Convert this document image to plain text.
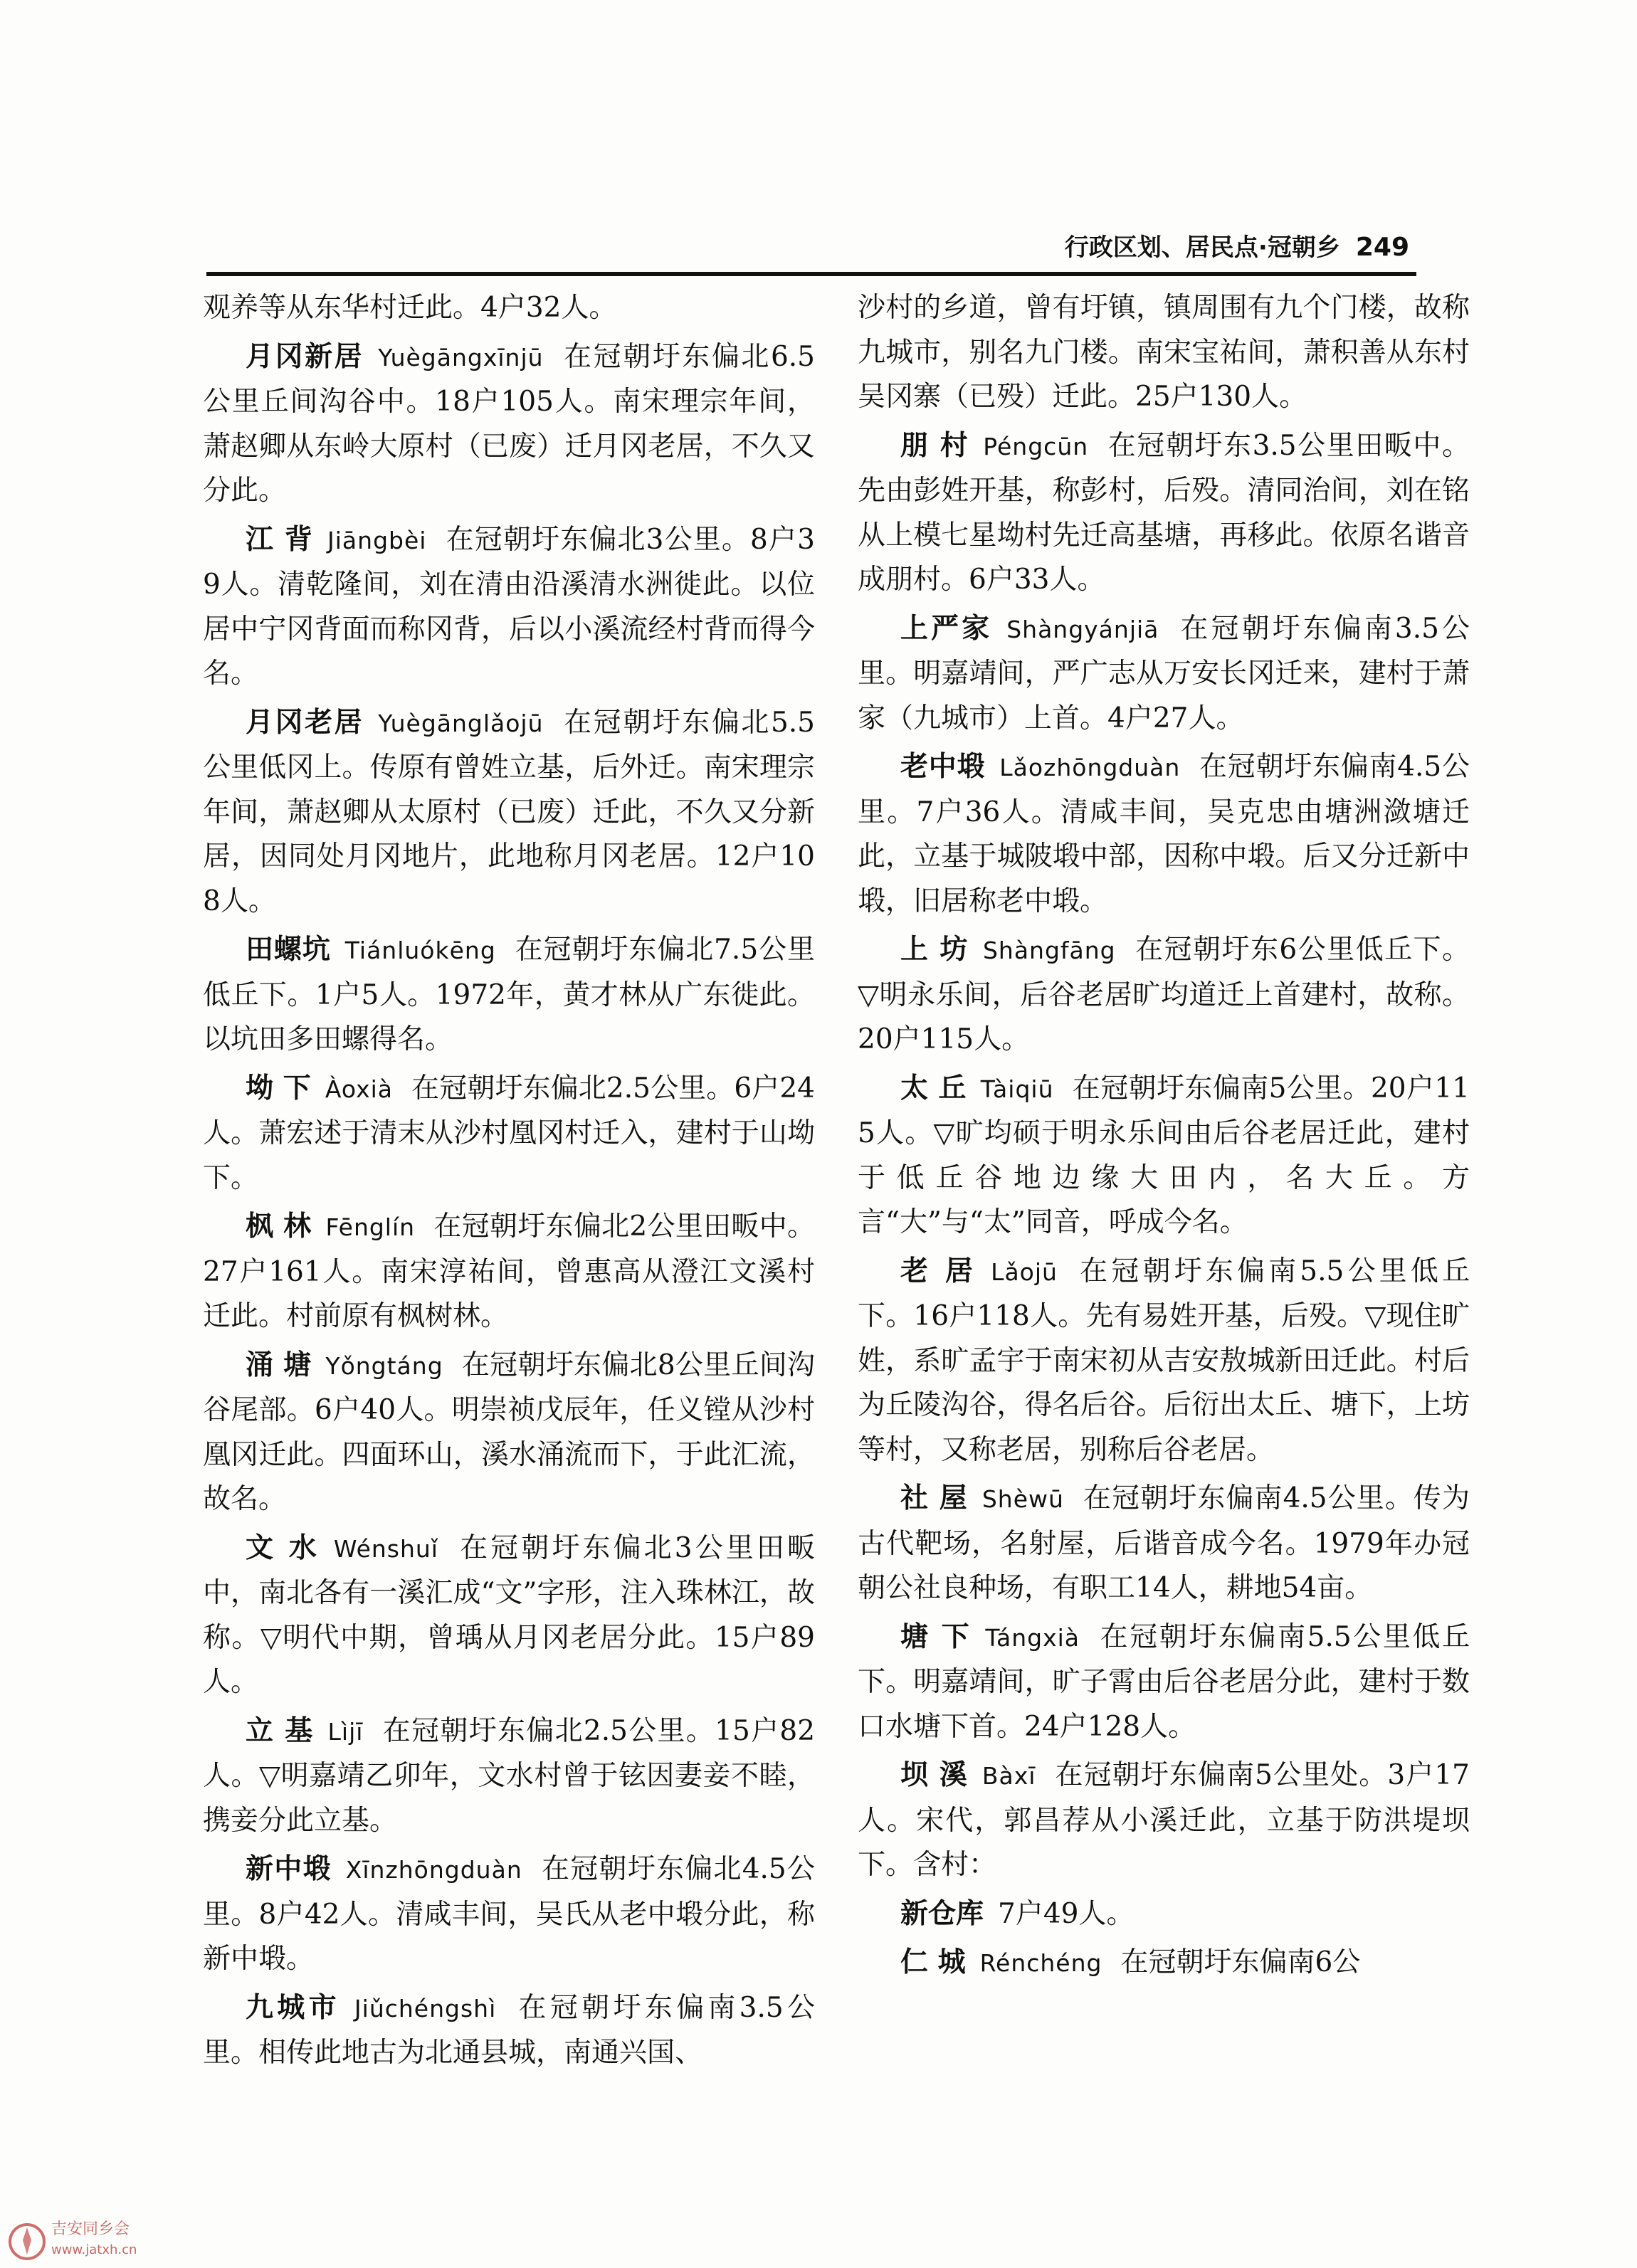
行政区划、居民点·冠朝乡 249

观养等从东华村迁此。4户32人。

月冈新居 Yuègāngxīnjū 在冠朝圩东偏北6.5公里丘间沟谷中。18户105人。南宋理宗年间，萧赵卿从东岭大原村（已废）迁月冈老居，不久又分此。

江 背 Jiāngbèi 在冠朝圩东偏北3公里。8户39人。清乾隆间，刘在清由沿溪清水洲徙此。以位居中宁冈背面而称冈背，后以小溪流经村背而得今名。

月冈老居 Yuègānglǎojū 在冠朝圩东偏北5.5公里低冈上。传原有曾姓立基，后外迁。南宋理宗年间，萧赵卿从太原村（已废）迁此，不久又分新居，因同处月冈地片，此地称月冈老居。12户108人。

田螺坑 Tiánluókēng 在冠朝圩东偏北7.5公里低丘下。1户5人。1972年，黄才林从广东徙此。以坑田多田螺得名。

坳 下 Àoxià 在冠朝圩东偏北2.5公里。6户24人。萧宏述于清末从沙村凰冈村迁入，建村于山坳下。

枫 林 Fēnglín 在冠朝圩东偏北2公里田畈中。27户161人。南宋淳祐间，曾惠高从澄江文溪村迁此。村前原有枫树林。

涌 塘 Yǒngtáng 在冠朝圩东偏北8公里丘间沟谷尾部。6户40人。明崇祯戊辰年，任义镗从沙村凰冈迁此。四面环山，溪水涌流而下，于此汇流，故名。

文 水 Wénshuǐ 在冠朝圩东偏北3公里田畈中，南北各有一溪汇成“文”字形，注入珠林江，故称。▽明代中期，曾瑀从月冈老居分此。15户89人。

立 基 Lìjī 在冠朝圩东偏北2.5公里。15户82人。▽明嘉靖乙卯年，文水村曾于铉因妻妾不睦，携妾分此立基。

新中塅 Xīnzhōngduàn 在冠朝圩东偏北4.5公里。8户42人。清咸丰间，吴氏从老中塅分此，称新中塅。

九城市 Jiǔchéngshì 在冠朝圩东偏南3.5公里。相传此地古为北通县城，南通兴国、

沙村的乡道，曾有圩镇，镇周围有九个门楼，故称九城市，别名九门楼。南宋宝祐间，萧积善从东村吴冈寨（已殁）迁此。25户130人。

朋 村 Péngcūn 在冠朝圩东3.5公里田畈中。先由彭姓开基，称彭村，后殁。清同治间，刘在铭从上模七星坳村先迁高基塘，再移此。依原名谐音成朋村。6户33人。

上严家 Shàngyánjiā 在冠朝圩东偏南3.5公里。明嘉靖间，严广志从万安长冈迁来，建村于萧家（九城市）上首。4户27人。

老中塅 Lǎozhōngduàn 在冠朝圩东偏南4.5公里。7户36人。清咸丰间，吴克忠由塘洲潋塘迁此，立基于城陂塅中部，因称中塅。后又分迁新中塅，旧居称老中塅。

上 坊 Shàngfāng 在冠朝圩东6公里低丘下。▽明永乐间，后谷老居旷均道迁上首建村，故称。20户115人。

太 丘 Tàiqiū 在冠朝圩东偏南5公里。20户115人。▽旷均硕于明永乐间由后谷老居迁此，建村于低丘谷地边缘大田内，名大丘。方言“大”与“太”同音，呼成今名。

老 居 Lǎojū 在冠朝圩东偏南5.5公里低丘下。16户118人。先有易姓开基，后殁。▽现住旷姓，系旷孟宇于南宋初从吉安敖城新田迁此。村后为丘陵沟谷，得名后谷。后衍出太丘、塘下，上坊等村，又称老居，别称后谷老居。

社 屋 Shèwū 在冠朝圩东偏南4.5公里。传为古代靶场，名射屋，后谐音成今名。1979年办冠朝公社良种场，有职工14人，耕地54亩。

塘 下 Tángxià 在冠朝圩东偏南5.5公里低丘下。明嘉靖间，旷子霄由后谷老居分此，建村于数口水塘下首。24户128人。

坝 溪 Bàxī 在冠朝圩东偏南5公里处。3户17人。宋代，郭昌荐从小溪迁此，立基于防洪堤坝下。含村：

新仓库 7户49人。

仁 城 Rénchéng 在冠朝圩东偏南6公

吉安同乡会
www.jatxh.cn
